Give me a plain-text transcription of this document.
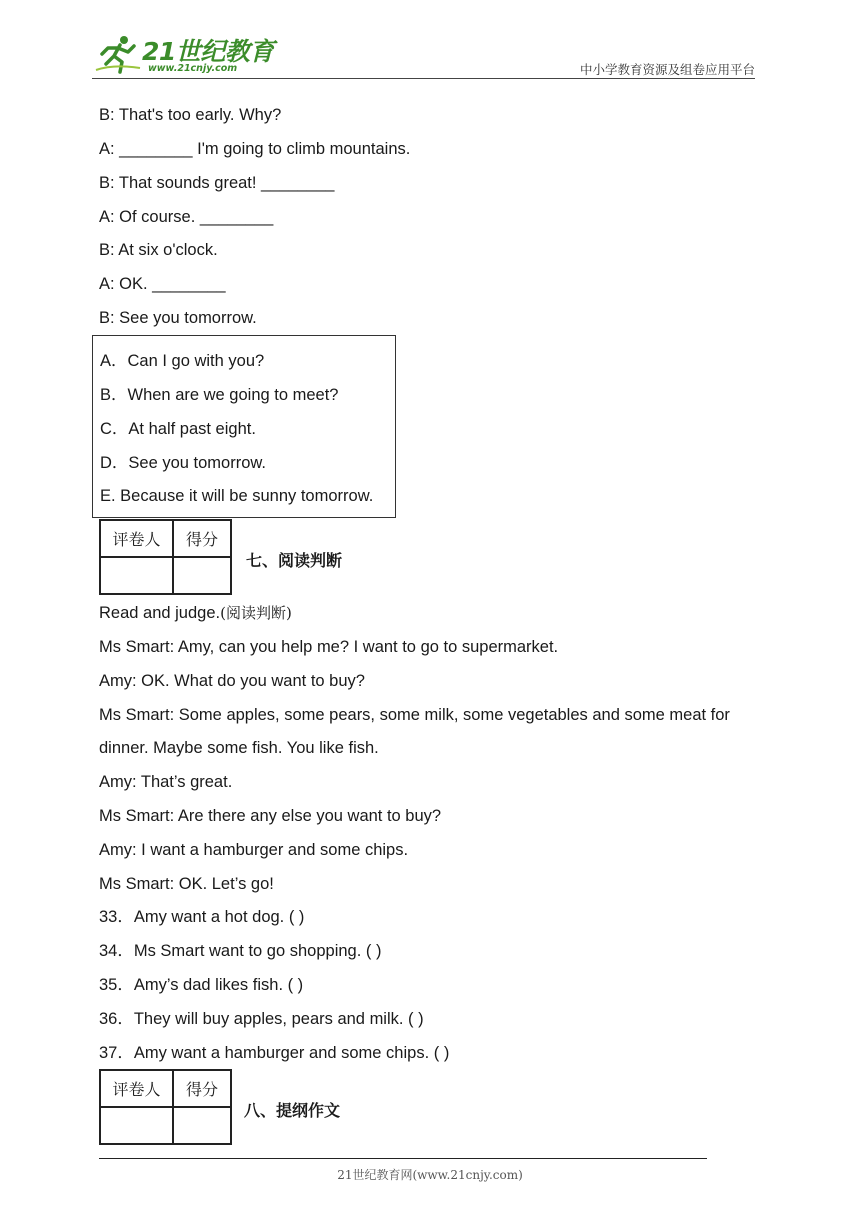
21世纪教育
www.21cnjy.com	中小学教育资源及组卷应用平台
B: That's too early. Why?
A: ________ I'm going to climb mountains.
B: That sounds great! ________
A: Of course. ________
B: At six o'clock.
A: OK. ________
B: See you tomorrow.
A．Can I go with you?
B．When are we going to meet?
C．At half past eight.
D．See you tomorrow.
E. Because it will be sunny tomorrow.
评卷人	得分

七、阅读判断
Read and judge.(阅读判断)
Ms Smart: Amy, can you help me? I want to go to supermarket.
Amy: OK. What do you want to buy?
Ms Smart: Some apples, some pears, some milk, some vegetables and some meat for
dinner. Maybe some fish. You like fish.
Amy: That’s great.
Ms Smart: Are there any else you want to buy?
Amy: I want a hamburger and some chips.
Ms Smart: OK. Let’s go!
33．Amy want a hot dog. ( )
34．Ms Smart want to go shopping. ( )
35．Amy’s dad likes fish. ( )
36．They will buy apples, pears and milk. ( )
37．Amy want a hamburger and some chips. ( )
评卷人	得分

八、提纲作文
21世纪教育网(www.21cnjy.com)
